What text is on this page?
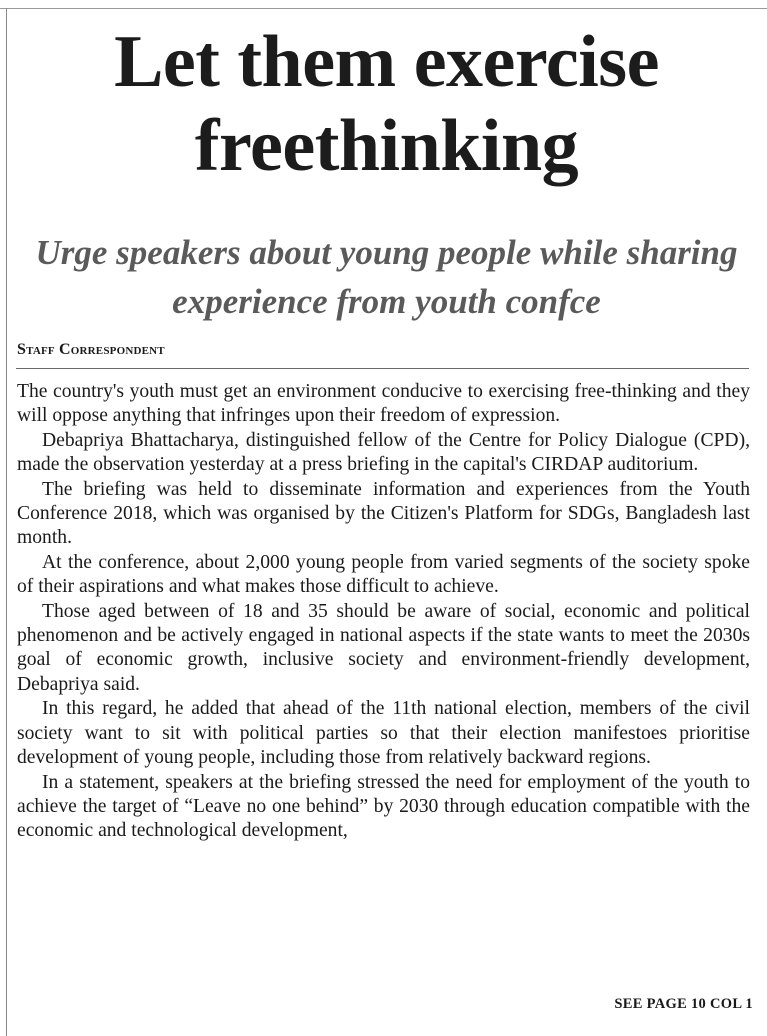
Let them exercise freethinking
Urge speakers about young people while sharing experience from youth confce
Staff Correspondent

The country's youth must get an environment conducive to exercising free-thinking and they will oppose anything that infringes upon their freedom of expression.

Debapriya Bhattacharya, distinguished fellow of the Centre for Policy Dialogue (CPD), made the observation yesterday at a press briefing in the capital's CIRDAP auditorium.

The briefing was held to disseminate information and experiences from the Youth Conference 2018, which was organised by the Citizen's Platform for SDGs, Bangladesh last month.

At the conference, about 2,000 young people from varied segments of the society spoke of their aspirations and what makes those difficult to achieve.

Those aged between of 18 and 35 should be aware of social, economic and political phenomenon and be actively engaged in national aspects if the state wants to meet the 2030s goal of economic growth, inclusive society and environment-friendly development, Debapriya said.

In this regard, he added that ahead of the 11th national election, members of the civil society want to sit with political parties so that their election manifestoes prioritise development of young people, including those from relatively backward regions.

In a statement, speakers at the briefing stressed the need for employment of the youth to achieve the target of “Leave no one behind” by 2030 through education compatible with the economic and technological development,

SEE PAGE 10 COL 1
